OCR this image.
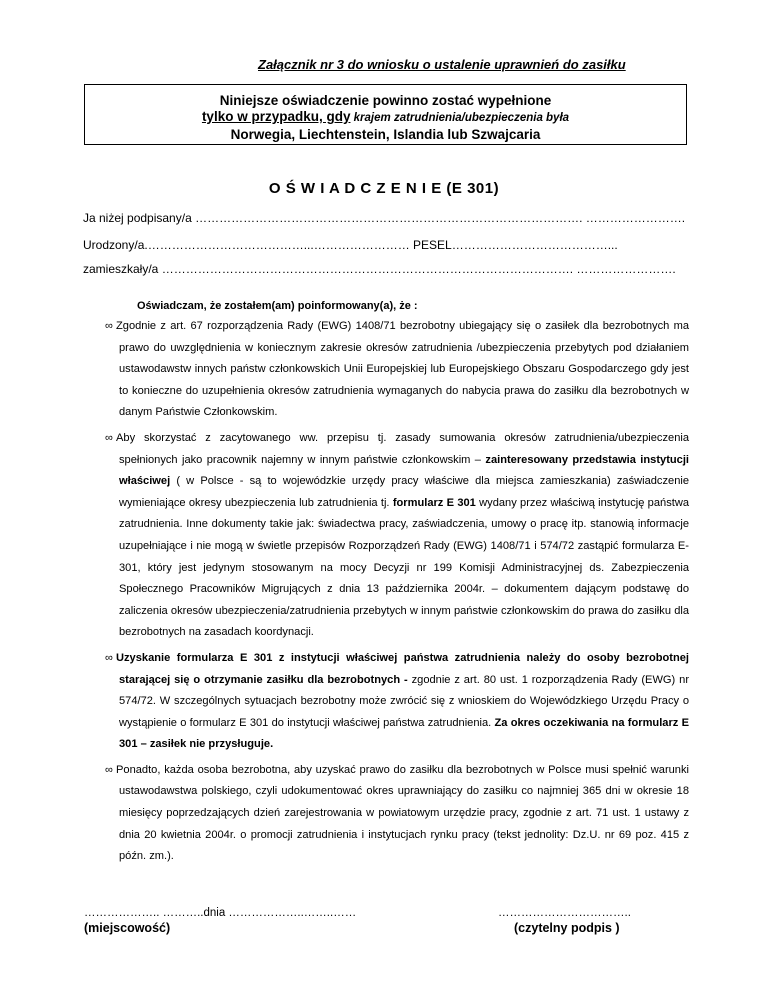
Załącznik nr 3 do wniosku o ustalenie uprawnień do zasiłku
Niniejsze oświadczenie powinno zostać wypełnione
tylko w przypadku, gdy krajem zatrudnienia/ubezpieczenia była
Norwegia, Liechtenstein, Islandia lub Szwajcaria
O Ś W I A D C Z E N I E (E 301)
Ja niżej podpisany/a ……………………………………………………………………………………. …………………….
Urodzony/a.…………………………………...…………………… PESEL…………………………………...
zamieszkały/a …………………………………………………………………………………………. …………………….
Oświadczam, że zostałem(am) poinformowany(a), że :

∞ Zgodnie z art. 67 rozporządzenia Rady (EWG) 1408/71 bezrobotny ubiegający się o zasiłek dla bezrobotnych ma prawo do uwzględnienia w koniecznym zakresie okresów zatrudnienia /ubezpieczenia przebytych pod działaniem ustawodawstw innych państw członkowskich Unii Europejskiej lub Europejskiego Obszaru Gospodarczego gdy jest to konieczne do uzupełnienia okresów zatrudnienia wymaganych do nabycia prawa do zasiłku dla bezrobotnych w danym Państwie Członkowskim.

∞ Aby skorzystać z zacytowanego ww. przepisu tj. zasady sumowania okresów zatrudnienia/ubezpieczenia spełnionych jako pracownik najemny w innym państwie członkowskim – zainteresowany przedstawia instytucji właściwej ( w Polsce - są to wojewódzkie urzędy pracy właściwe dla miejsca zamieszkania) zaświadczenie wymieniające okresy ubezpieczenia lub zatrudnienia tj. formularz E 301 wydany przez właściwą instytucję państwa zatrudnienia. Inne dokumenty takie jak: świadectwa pracy, zaświadczenia, umowy o pracę itp. stanowią informacje uzupełniające i nie mogą w świetle przepisów Rozporządzeń Rady (EWG) 1408/71 i 574/72 zastąpić formularza E-301, który jest jedynym stosowanym na mocy Decyzji nr 199 Komisji Administracyjnej ds. Zabezpieczenia Społecznego Pracowników Migrujących z dnia 13 października 2004r. – dokumentem dającym podstawę do zaliczenia okresów ubezpieczenia/zatrudnienia przebytych w innym państwie członkowskim do prawa do zasiłku dla bezrobotnych na zasadach koordynacji.

∞ Uzyskanie formularza E 301 z instytucji właściwej państwa zatrudnienia należy do osoby bezrobotnej starającej się o otrzymanie zasiłku dla bezrobotnych - zgodnie z art. 80 ust. 1 rozporządzenia Rady (EWG) nr 574/72. W szczególnych sytuacjach bezrobotny może zwrócić się z wnioskiem do Wojewódzkiego Urzędu Pracy o wystąpienie o formularz E 301 do instytucji właściwej państwa zatrudnienia. Za okres oczekiwania na formularz E 301 – zasiłek nie przysługuje.

∞ Ponadto, każda osoba bezrobotna, aby uzyskać prawo do zasiłku dla bezrobotnych w Polsce musi spełnić warunki ustawodawstwa polskiego, czyli udokumentować okres uprawniający do zasiłku co najmniej 365 dni w okresie 18 miesięcy poprzedzających dzień zarejestrowania w powiatowym urzędzie pracy, zgodnie z art. 71 ust. 1 ustawy z dnia 20 kwietnia 2004r. o promocji zatrudnienia i instytucjach rynku pracy (tekst jednolity: Dz.U. nr 69 poz. 415 z późn. zm.).

……………….. ………..dnia ………………..……..……
(miejscowość)
……………………………..
(czytelny podpis )
